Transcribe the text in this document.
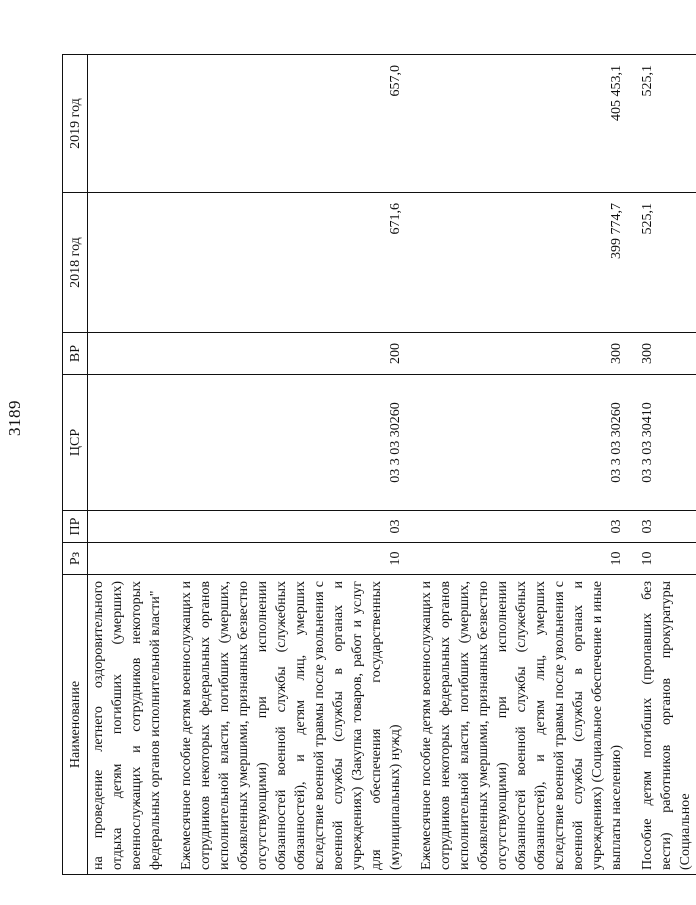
3189
Наименование	Рз	ПР	ЦСР	ВР	2018 год	2019 год
на проведение летнего оздоровительного отдыха детям погибших (умерших) военнослужащих и сотрудников некоторых федеральных органов исполнительной власти"						

Ежемесячное пособие детям военнослужащих и сотрудников некоторых федеральных органов исполнительной власти, погибших (умерших, объявленных умершими, признанных безвестно отсутствующими) при исполнении обязанностей военной службы (служебных обязанностей), и детям лиц, умерших вследствие военной травмы после увольнения с военной службы (службы в органах и учреждениях) (Закупка товаров, работ и услуг для обеспечения государственных (муниципальных) нужд)	10	03	03 3 03 30260	200	671,6	657,0

Ежемесячное пособие детям военнослужащих и сотрудников некоторых федеральных органов исполнительной власти, погибших (умерших, объявленных умершими, признанных безвестно отсутствующими) при исполнении обязанностей военной службы (служебных обязанностей), и детям лиц, умерших вследствие военной травмы после увольнения с военной службы (службы в органах и учреждениях) (Социальное обеспечение и иные выплаты населению)	10	03	03 3 03 30260	300	399 774,7	405 453,1

Пособие детям погибших (пропавших без вести) работников органов прокуратуры (Социальное	10	03	03 3 03 30410	300	525,1	525,1
